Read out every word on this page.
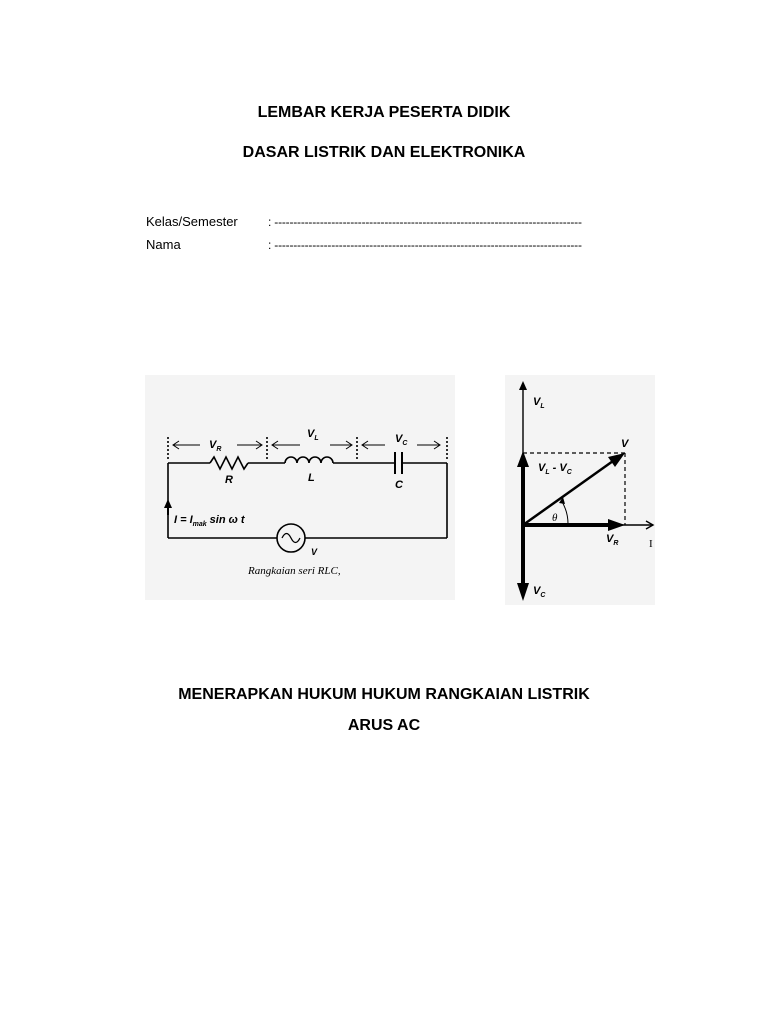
LEMBAR KERJA PESERTA DIDIK
DASAR LISTRIK DAN ELEKTRONIKA
Kelas/Semester	: ---------------------------------------------------------------------------------
Nama	: ---------------------------------------------------------------------------------
$V_R$
$V_L$	$V_C$
R	L
C
$I = I_{mak}$ sin ω t
V
Rangkaian seri RLC,
$V_L$
V
$V_L - V_C$
θ
$V_R$	I
$V_C$
MENERAPKAN HUKUM HUKUM RANGKAIAN LISTRIK
ARUS AC
